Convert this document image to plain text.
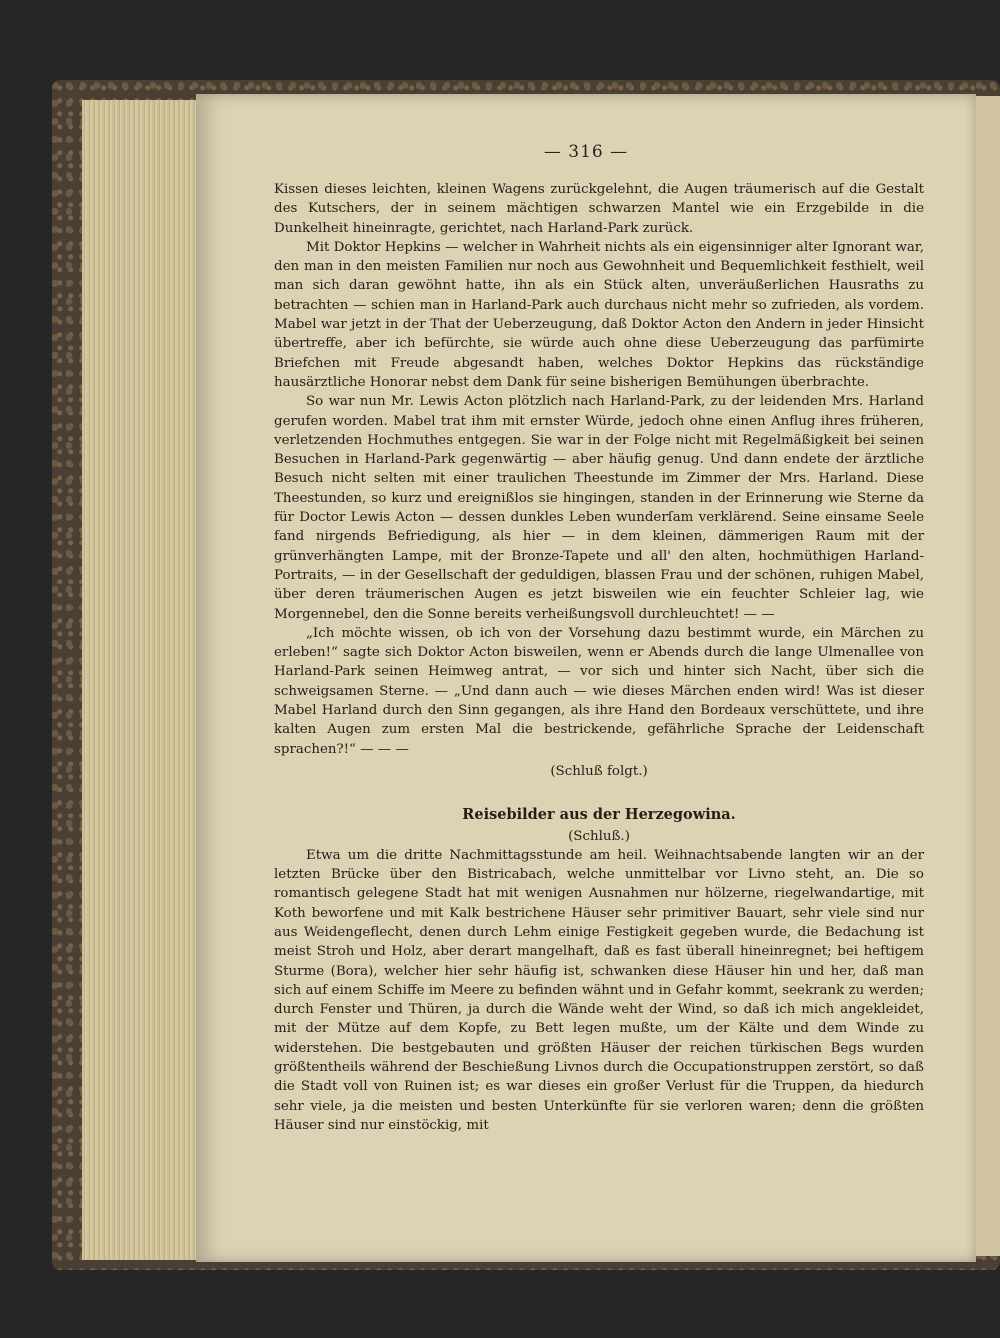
— 316 —

Kissen dieses leichten, kleinen Wagens zurückgelehnt, die Augen träumerisch auf die Gestalt des Kutschers, der in seinem mächtigen schwarzen Mantel wie ein Erzgebilde in die Dunkelheit hineinragte, gerichtet, nach Harland-Park zurück.

Mit Doktor Hepkins — welcher in Wahrheit nichts als ein eigensinniger alter Ignorant war, den man in den meisten Familien nur noch aus Gewohnheit und Bequemlichkeit festhielt, weil man sich daran gewöhnt hatte, ihn als ein Stück alten, unveräußerlichen Hausraths zu betrachten — schien man in Harland-Park auch durchaus nicht mehr so zufrieden, als vordem. Mabel war jetzt in der That der Ueberzeugung, daß Doktor Acton den Andern in jeder Hinsicht übertreffe, aber ich befürchte, sie würde auch ohne diese Ueberzeugung das parfümirte Briefchen mit Freude abgesandt haben, welches Doktor Hepkins das rückständige hausärztliche Honorar nebst dem Dank für seine bisherigen Bemühungen überbrachte.

So war nun Mr. Lewis Acton plötzlich nach Harland-Park, zu der leidenden Mrs. Harland gerufen worden. Mabel trat ihm mit ernster Würde, jedoch ohne einen Anflug ihres früheren, verletzenden Hochmuthes entgegen. Sie war in der Folge nicht mit Regelmäßigkeit bei seinen Besuchen in Harland-Park gegenwärtig — aber häufig genug. Und dann endete der ärztliche Besuch nicht selten mit einer traulichen Theestunde im Zimmer der Mrs. Harland. Diese Theestunden, so kurz und ereignißlos sie hingingen, standen in der Erinnerung wie Sterne da für Doctor Lewis Acton — dessen dunkles Leben wunderſam verklärend. Seine einsame Seele fand nirgends Befriedigung, als hier — in dem kleinen, dämmerigen Raum mit der grünverhängten Lampe, mit der Bronze-Tapete und all' den alten, hochmüthigen Harland-Portraits, — in der Gesellschaft der geduldigen, blassen Frau und der schönen, ruhigen Mabel, über deren träumerischen Augen es jetzt bisweilen wie ein feuchter Schleier lag, wie Morgennebel, den die Sonne bereits verheißungsvoll durchleuchtet! — —

„Ich möchte wissen, ob ich von der Vorsehung dazu bestimmt wurde, ein Märchen zu erleben!“ sagte sich Doktor Acton bisweilen, wenn er Abends durch die lange Ulmenallee von Harland-Park seinen Heimweg antrat, — vor sich und hinter sich Nacht, über sich die schweigsamen Sterne. — „Und dann auch — wie dieses Märchen enden wird! Was ist dieser Mabel Harland durch den Sinn gegangen, als ihre Hand den Bordeaux verschüttete, und ihre kalten Augen zum ersten Mal die bestrickende, gefährliche Sprache der Leidenschaft sprachen?!“ — — —

(Schluß folgt.)

Reisebilder aus der Herzegowina.

(Schluß.)

Etwa um die dritte Nachmittagsstunde am heil. Weihnachtsabende langten wir an der letzten Brücke über den Bistricabach, welche unmittelbar vor Livno steht, an. Die so romantisch gelegene Stadt hat mit wenigen Ausnahmen nur hölzerne, riegelwandartige, mit Koth beworfene und mit Kalk bestrichene Häuser sehr primitiver Bauart, sehr viele sind nur aus Weidengeflecht, denen durch Lehm einige Festigkeit gegeben wurde, die Bedachung ist meist Stroh und Holz, aber derart mangelhaft, daß es fast überall hineinregnet; bei heftigem Sturme (Bora), welcher hier sehr häufig ist, schwanken diese Häuser hin und her, daß man sich auf einem Schiffe im Meere zu befinden wähnt und in Gefahr kommt, seekrank zu werden; durch Fenster und Thüren, ja durch die Wände weht der Wind, so daß ich mich angekleidet, mit der Mütze auf dem Kopfe, zu Bett legen mußte, um der Kälte und dem Winde zu widerstehen. Die bestgebauten und größten Häuser der reichen türkischen Begs wurden größtentheils während der Beschießung Livnos durch die Occupationstruppen zerstört, so daß die Stadt voll von Ruinen ist; es war dieses ein großer Verlust für die Truppen, da hiedurch sehr viele, ja die meisten und besten Unterkünfte für sie verloren waren; denn die größten Häuser sind nur einstöckig, mit
